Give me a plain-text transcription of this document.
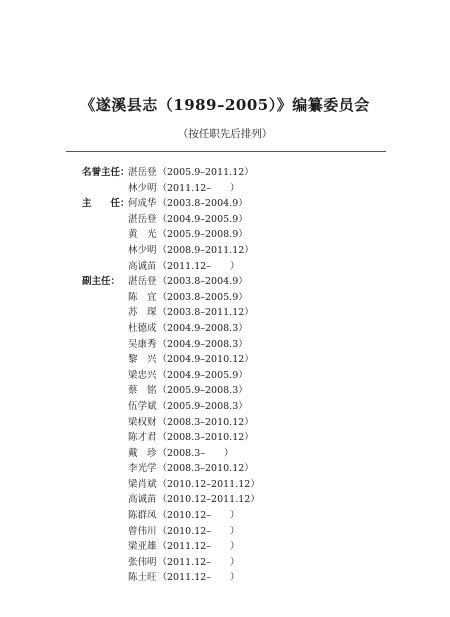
《遂溪县志（1989–2005）》编纂委员会
（按任职先后排列）
名誉主任：
湛岳登（2005.9–2011.12）
林少明（2011.12–　　）
主　　任：
何成华（2003.8–2004.9）
湛岳登（2004.9–2005.9）
黄　光（2005.9–2008.9）
林少明（2008.9–2011.12）
高诚苗（2011.12–　　）
副主任： 湛岳登（2003.8–2004.9）
陈　宜（2003.8–2005.9）
苏　琛（2003.8–2011.12）
杜德成（2004.9–2008.3）
吴康秀（2004.9–2008.3）
黎　兴（2004.9–2010.12）
梁忠兴（2004.9–2005.9）
蔡　铭（2005.9–2008.3）
伍学斌（2005.9–2008.3）
梁权财（2008.3–2010.12）
陈才君（2008.3–2010.12）
戴　珍（2008.3–　　）
李光学（2008.3–2010.12）
梁肖斌（2010.12–2011.12）
高诚苗（2010.12–2011.12）
陈群凤（2010.12–　　）
曾伟川（2010.12–　　）
梁亚雄（2011.12–　　）
张伟明（2011.12–　　）
陈土旺（2011.12–　　）
